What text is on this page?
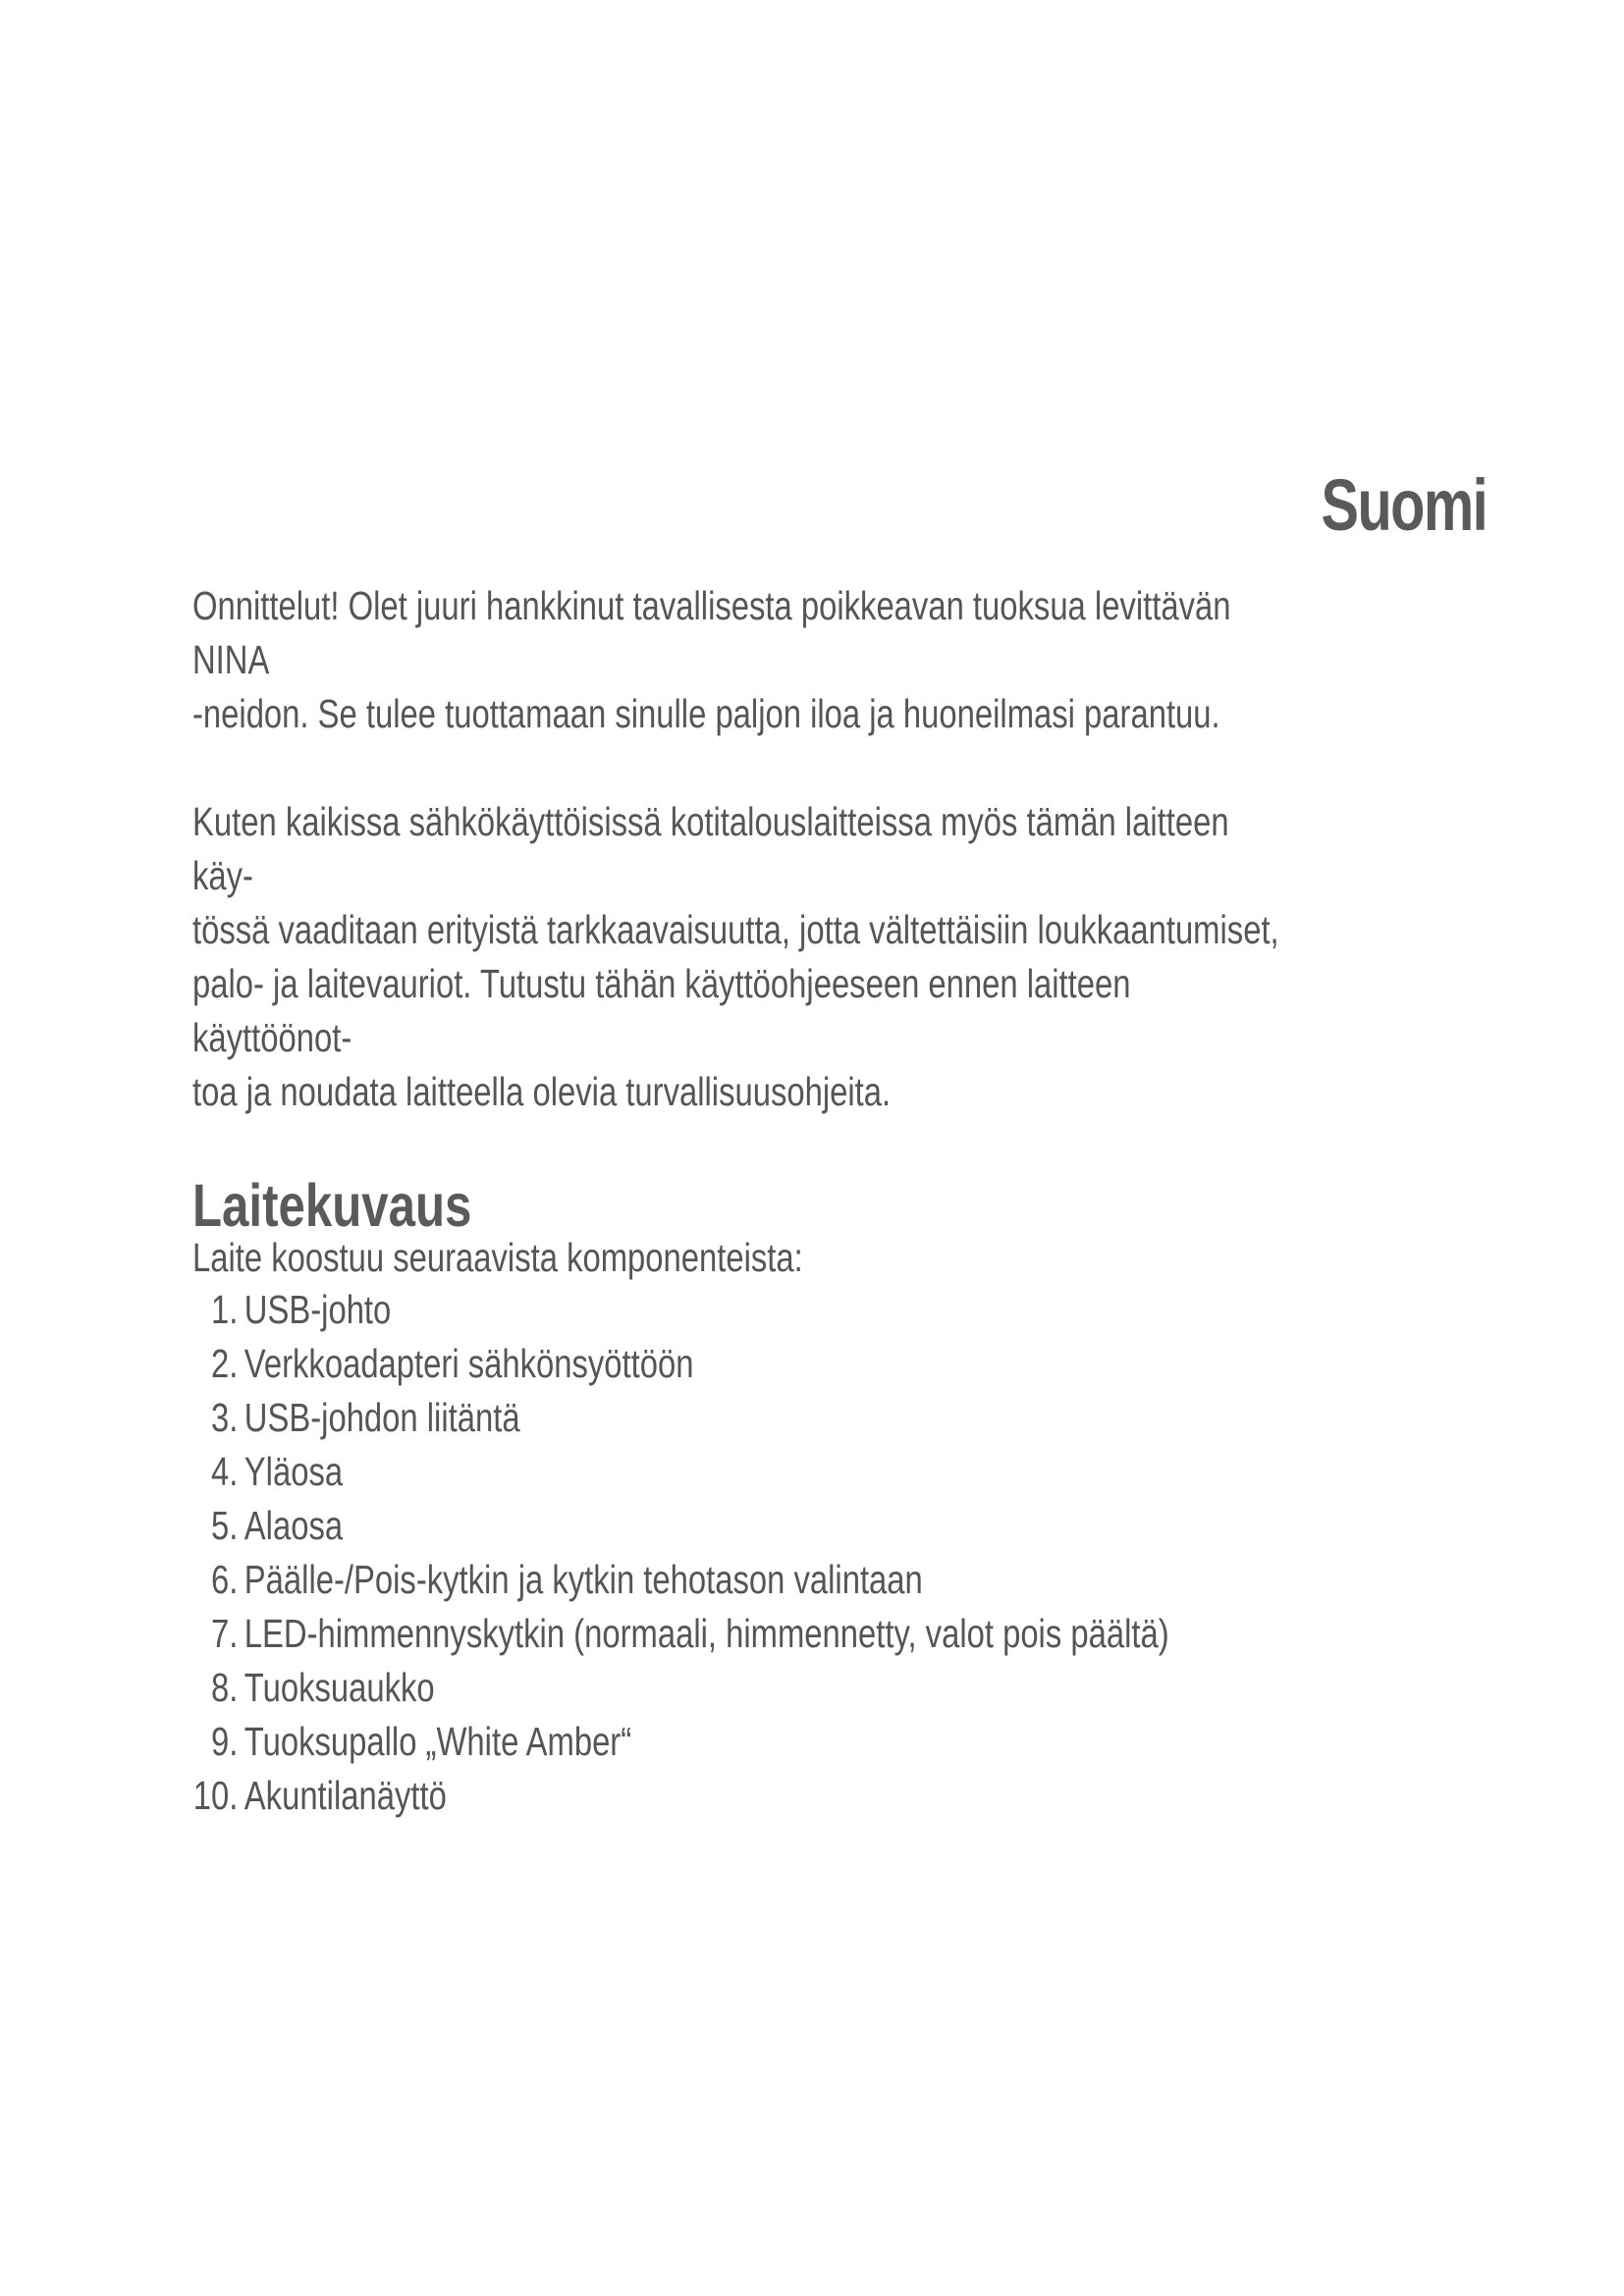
Suomi

Onnittelut! Olet juuri hankkinut tavallisesta poikkeavan tuoksua levittävän NINA
-neidon. Se tulee tuottamaan sinulle paljon iloa ja huoneilmasi parantuu.

Kuten kaikissa sähkökäyttöisissä kotitalouslaitteissa myös tämän laitteen käy-
tössä vaaditaan erityistä tarkkaavaisuutta, jotta vältettäisiin loukkaantumiset,
palo- ja laitevauriot. Tutustu tähän käyttöohjeeseen ennen laitteen käyttöönot-
toa ja noudata laitteella olevia turvallisuusohjeita.

Laitekuvaus

Laite koostuu seuraavista komponenteista:

1. USB-johto
2. Verkkoadapteri sähkönsyöttöön
3. USB-johdon liitäntä
4. Yläosa
5. Alaosa
6. Päälle-/Pois-kytkin ja kytkin tehotason valintaan
7. LED-himmennyskytkin (normaali, himmennetty, valot pois päältä)
8. Tuoksuaukko
9. Tuoksupallo „White Amber“
10. Akuntilanäyttö
